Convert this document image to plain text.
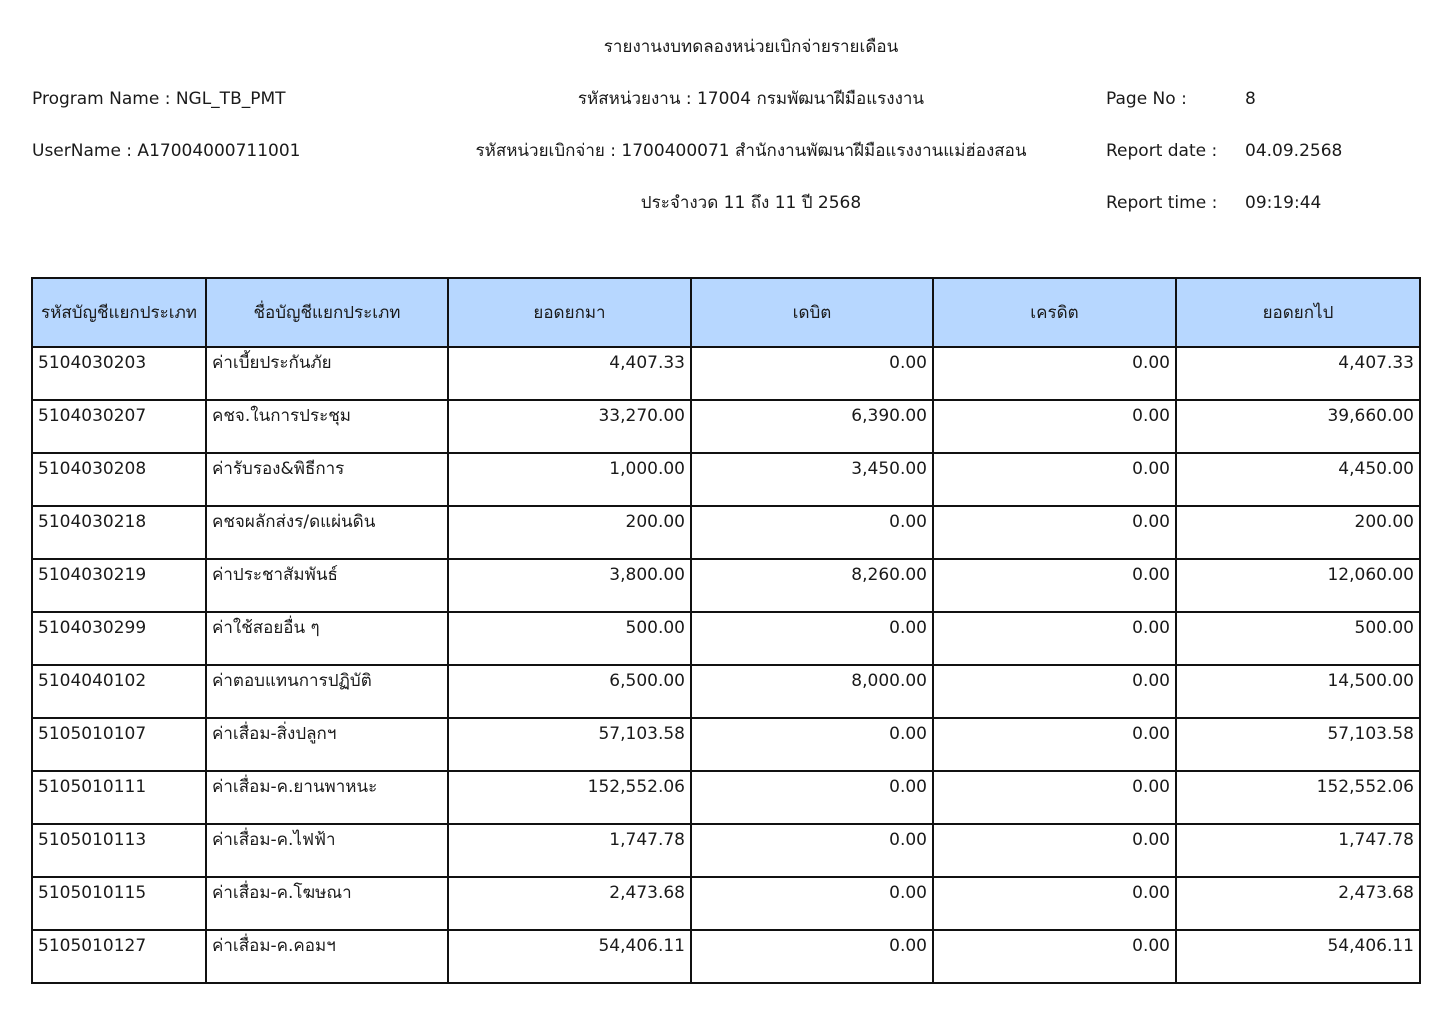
รายงานงบทดลองหน่วยเบิกจ่ายรายเดือน
Program Name : NGL_TB_PMT	รหัสหน่วยงาน : 17004 กรมพัฒนาฝีมือแรงงาน	Page No :	8
UserName : A17004000711001	รหัสหน่วยเบิกจ่าย : 1700400071 สำนักงานพัฒนาฝีมือแรงงานแม่ฮ่องสอน	Report date : 04.09.2568
ประจำงวด 11 ถึง 11 ปี 2568	Report time : 09:19:44
รหัสบัญชีแยกประเภท	ชื่อบัญชีแยกประเภท	ยอดยกมา	เดบิต	เครดิต	ยอดยกไป
5104030203	ค่าเบี้ยประกันภัย	4,407.33	0.00	0.00	4,407.33
5104030207	คชจ.ในการประชุม	33,270.00	6,390.00	0.00	39,660.00
5104030208	ค่ารับรอง&พิธีการ	1,000.00	3,450.00	0.00	4,450.00
5104030218	คชจผลักส่งร/ดแผ่นดิน	200.00	0.00	0.00	200.00
5104030219	ค่าประชาสัมพันธ์	3,800.00	8,260.00	0.00	12,060.00
5104030299	ค่าใช้สอยอื่น ๆ	500.00	0.00	0.00	500.00
5104040102	ค่าตอบแทนการปฏิบัติ	6,500.00	8,000.00	0.00	14,500.00
5105010107	ค่าเสื่อม-สิ่งปลูกฯ	57,103.58	0.00	0.00	57,103.58
5105010111	ค่าเสื่อม-ค.ยานพาหนะ	152,552.06	0.00	0.00	152,552.06
5105010113	ค่าเสื่อม-ค.ไฟฟ้า	1,747.78	0.00	0.00	1,747.78
5105010115	ค่าเสื่อม-ค.โฆษณา	2,473.68	0.00	0.00	2,473.68
5105010127	ค่าเสื่อม-ค.คอมฯ	54,406.11	0.00	0.00	54,406.11
